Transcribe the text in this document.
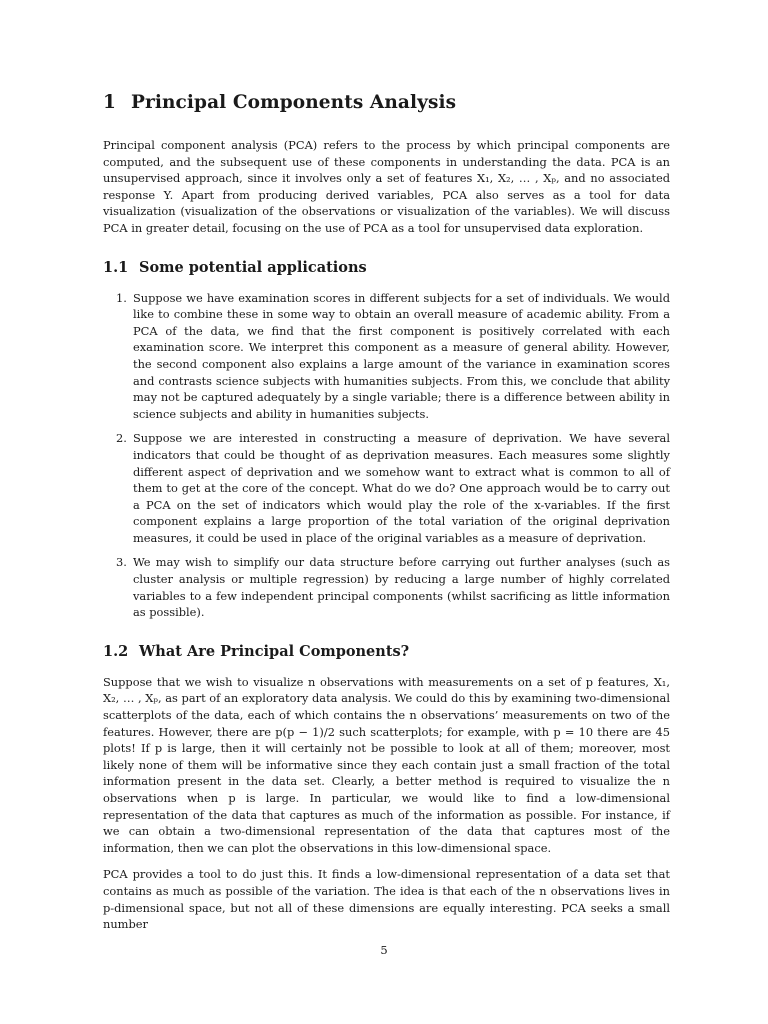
1 Principal Components Analysis

Principal component analysis (PCA) refers to the process by which principal components are computed, and the subsequent use of these components in understanding the data. PCA is an unsupervised approach, since it involves only a set of features X₁, X₂, … , Xₚ, and no associated response Y. Apart from producing derived variables, PCA also serves as a tool for data visualization (visualization of the observations or visualization of the variables). We will discuss PCA in greater detail, focusing on the use of PCA as a tool for unsupervised data exploration.

1.1 Some potential applications
1. Suppose we have examination scores in different subjects for a set of individuals. We would like to combine these in some way to obtain an overall measure of academic ability. From a PCA of the data, we find that the first component is positively correlated with each examination score. We interpret this component as a measure of general ability. However, the second component also explains a large amount of the variance in examination scores and contrasts science subjects with humanities subjects. From this, we conclude that ability may not be captured adequately by a single variable; there is a difference between ability in science subjects and ability in humanities subjects.
2. Suppose we are interested in constructing a measure of deprivation. We have several indicators that could be thought of as deprivation measures. Each measures some slightly different aspect of deprivation and we somehow want to extract what is common to all of them to get at the core of the concept. What do we do? One approach would be to carry out a PCA on the set of indicators which would play the role of the x-variables. If the first component explains a large proportion of the total variation of the original deprivation measures, it could be used in place of the original variables as a measure of deprivation.
3. We may wish to simplify our data structure before carrying out further analyses (such as cluster analysis or multiple regression) by reducing a large number of highly correlated variables to a few independent principal components (whilst sacrificing as little information as possible).
1.2 What Are Principal Components?

Suppose that we wish to visualize n observations with measurements on a set of p features, X₁, X₂, … , Xₚ, as part of an exploratory data analysis. We could do this by examining two-dimensional scatterplots of the data, each of which contains the n observations’ measurements on two of the features. However, there are p(p − 1)/2 such scatterplots; for example, with p = 10 there are 45 plots! If p is large, then it will certainly not be possible to look at all of them; moreover, most likely none of them will be informative since they each contain just a small fraction of the total information present in the data set. Clearly, a better method is required to visualize the n observations when p is large. In particular, we would like to find a low-dimensional representation of the data that captures as much of the information as possible. For instance, if we can obtain a two-dimensional representation of the data that captures most of the information, then we can plot the observations in this low-dimensional space.

PCA provides a tool to do just this. It finds a low-dimensional representation of a data set that contains as much as possible of the variation. The idea is that each of the n observations lives in p-dimensional space, but not all of these dimensions are equally interesting. PCA seeks a small number

5
